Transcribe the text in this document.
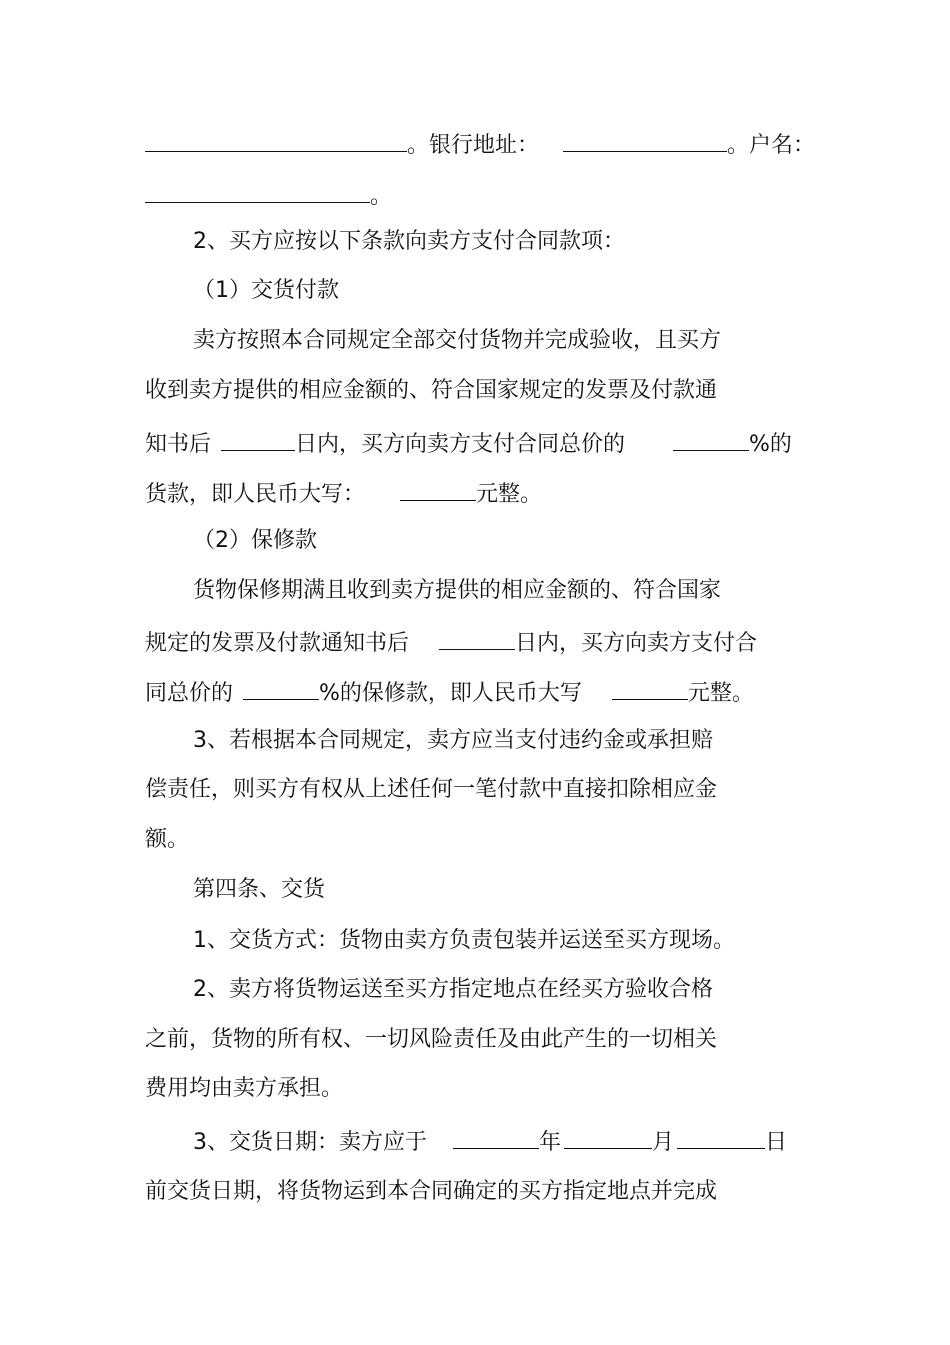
。银行地址：	。户名：
。
2、买方应按以下条款向卖方支付合同款项：
（1）交货付款
卖方按照本合同规定全部交付货物并完成验收，且买方
收到卖方提供的相应金额的、符合国家规定的发票及付款通
知书后	日内，买方向卖方支付合同总价的	%的
货款，即人民币大写：	元整。
（2）保修款
货物保修期满且收到卖方提供的相应金额的、符合国家
规定的发票及付款通知书后	日内，买方向卖方支付合
同总价的	%的保修款，即人民币大写	元整。
3、若根据本合同规定，卖方应当支付违约金或承担赔
偿责任，则买方有权从上述任何一笔付款中直接扣除相应金
额。
第四条、交货
1、交货方式：货物由卖方负责包装并运送至买方现场。
2、卖方将货物运送至买方指定地点在经买方验收合格
之前，货物的所有权、一切风险责任及由此产生的一切相关
费用均由卖方承担。
3、交货日期：卖方应于	年	月	日
前交货日期，将货物运到本合同确定的买方指定地点并完成
